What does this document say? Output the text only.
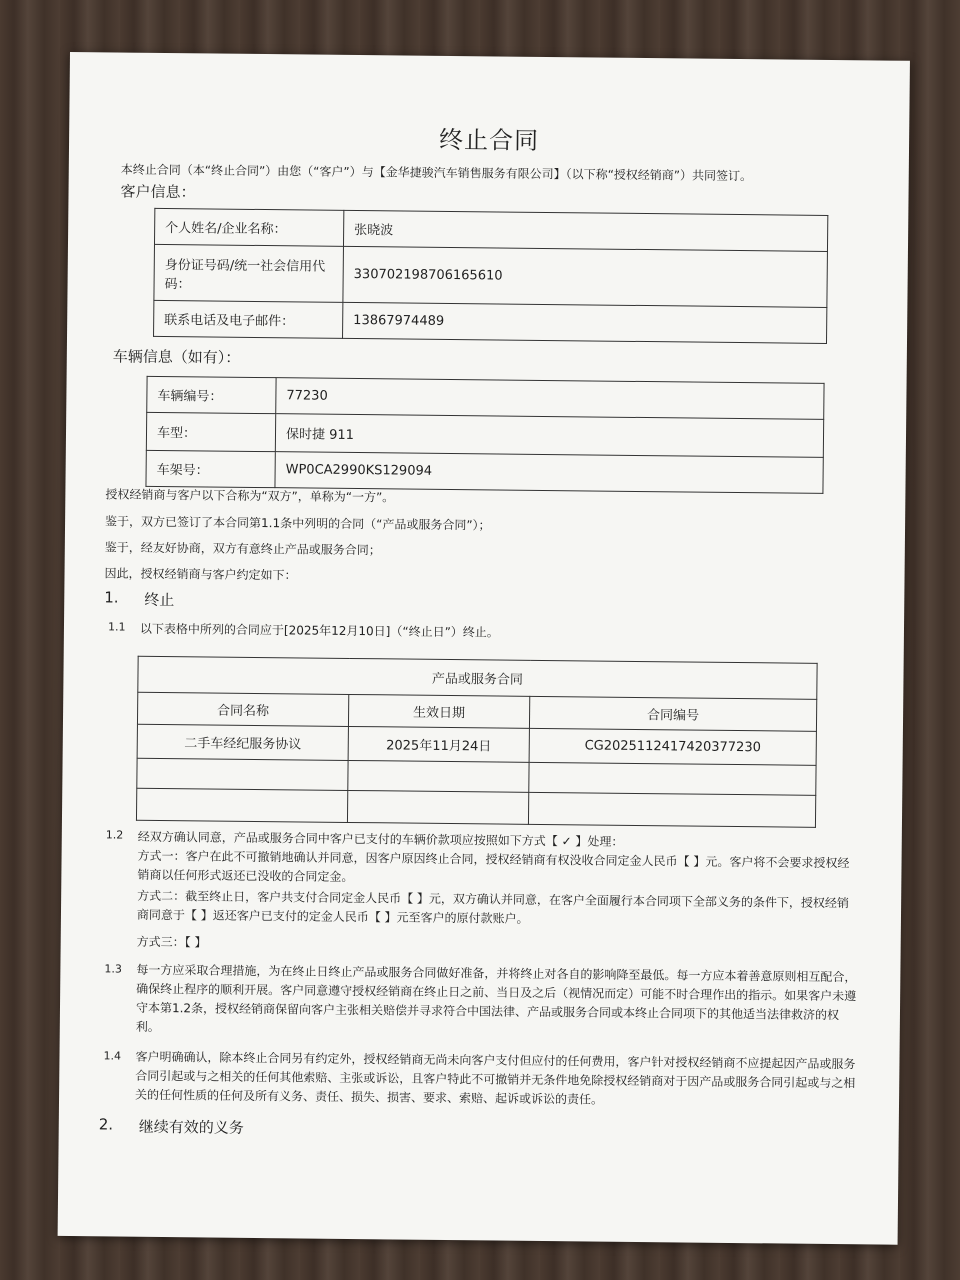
终止合同
本终止合同（本“终止合同”）由您（“客户”）与【金华捷骏汽车销售服务有限公司】（以下称“授权经销商”）共同签订。
客户信息：
个人姓名/企业名称：	张晓波
身份证号码/统一社会信用代码：	330702198706165610
联系电话及电子邮件：	13867974489
车辆信息（如有）：
车辆编号：	77230
车型：	保时捷 911
车架号：	WP0CA2990KS129094
授权经销商与客户以下合称为“双方”，单称为“一方”。
鉴于，双方已签订了本合同第1.1条中列明的合同（“产品或服务合同”）；
鉴于，经友好协商，双方有意终止产品或服务合同；
因此，授权经销商与客户约定如下：
1. 终止
1.1 以下表格中所列的合同应于[2025年12月10日]（“终止日”）终止。
产品或服务合同		
合同名称	生效日期	合同编号
二手车经纪服务协议	2025年11月24日	CG2025112417420377230

1.2 经双方确认同意，产品或服务合同中客户已支付的车辆价款项应按照如下方式【 ✓ 】处理：
方式一：客户在此不可撤销地确认并同意，因客户原因终止合同，授权经销商有权没收合同定金人民币【 】元。客户将不会要求授权经销商以任何形式返还已没收的合同定金。
方式二：截至终止日，客户共支付合同定金人民币【 】元，双方确认并同意，在客户全面履行本合同项下全部义务的条件下，授权经销商同意于【 】返还客户已支付的定金人民币【 】元至客户的原付款账户。
方式三：【 】
1.3 每一方应采取合理措施，为在终止日终止产品或服务合同做好准备，并将终止对各自的影响降至最低。每一方应本着善意原则相互配合，确保终止程序的顺利开展。客户同意遵守授权经销商在终止日之前、当日及之后（视情况而定）可能不时合理作出的指示。如果客户未遵守本第1.2条，授权经销商保留向客户主张相关赔偿并寻求符合中国法律、产品或服务合同或本终止合同项下的其他适当法律救济的权利。
1.4 客户明确确认，除本终止合同另有约定外，授权经销商无尚未向客户支付但应付的任何费用，客户针对授权经销商不应提起因产品或服务合同引起或与之相关的任何其他索赔、主张或诉讼，且客户特此不可撤销并无条件地免除授权经销商对于因产品或服务合同引起或与之相关的任何性质的任何及所有义务、责任、损失、损害、要求、索赔、起诉或诉讼的责任。
2. 继续有效的义务
